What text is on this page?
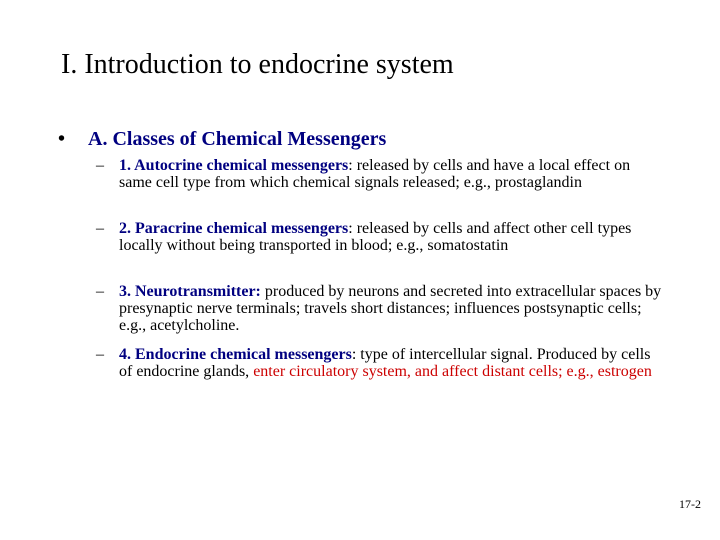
I. Introduction to endocrine system
• A. Classes of Chemical Messengers
– 1. Autocrine chemical messengers: released by cells and have a local effect on same cell type from which chemical signals released; e.g., prostaglandin
– 2. Paracrine chemical messengers: released by cells and affect other cell types locally without being transported in blood; e.g., somatostatin
– 3. Neurotransmitter: produced by neurons and secreted into extracellular spaces by presynaptic nerve terminals; travels short distances; influences postsynaptic cells; e.g., acetylcholine.
– 4. Endocrine chemical messengers: type of intercellular signal. Produced by cells of endocrine glands, enter circulatory system, and affect distant cells; e.g., estrogen
17-2
